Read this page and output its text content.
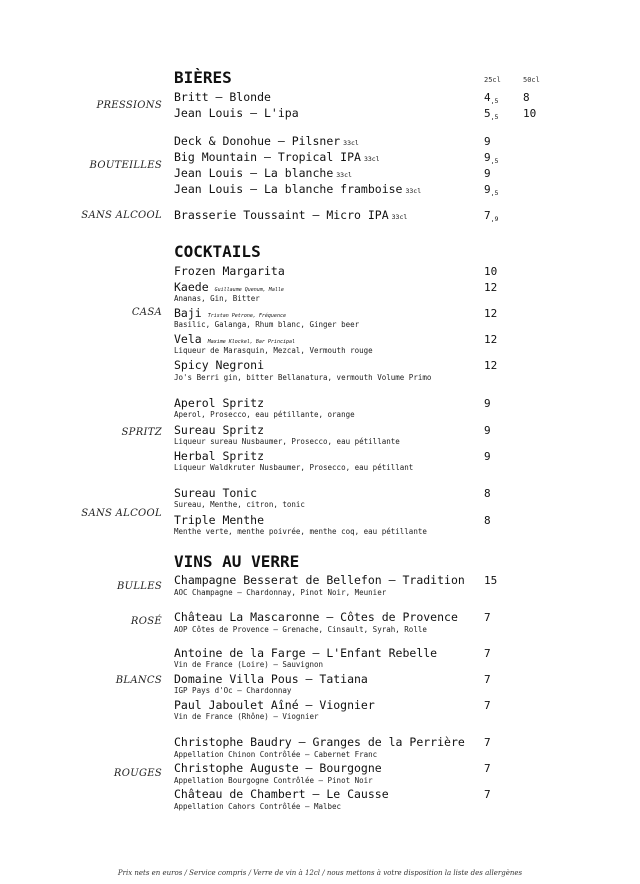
BIÈRES	25cl	50cl
PRESSIONS
Britt – Blonde	$4_{,5}$ 8
Jean Louis – L'ipa	$5_{,5}$ 10
BOUTEILLES
Deck & Donohue – Pilsner 33cl	9
Big Mountain – Tropical IPA 33cl	$9_{,5}$
Jean Louis – La blanche 33cl	9
Jean Louis – La blanche framboise 33cl	$9_{,5}$
SANS ALCOOL Brasserie Toussaint – Micro IPA 33cl	$7_{,9}$
COCKTAILS
CASA
Frozen Margarita	10
Kaede Guillaume Quenum, Malle
Ananas, Gin, Bitter
12
Baji Tristan Petrone, Fréquence
Basilic, Galanga, Rhum blanc, Ginger beer
12
Vela Maxime Klockel, Bar Principal
Liqueur de Marasquin, Mezcal, Vermouth rouge
12
Spicy Negroni
Jo's Berri gin, bitter Bellanatura, vermouth Volume Primo
12
SPRITZ
Aperol Spritz
Aperol, Prosecco, eau pétillante, orange
9
Sureau Spritz
Liqueur sureau Nusbaumer, Prosecco, eau pétillante
9
Herbal Spritz
Liqueur Waldkruter Nusbaumer, Prosecco, eau pétillant
9
SANS ALCOOL
Sureau Tonic
Sureau, Menthe, citron, tonic
8
Triple Menthe
Menthe verte, menthe poivrée, menthe coq, eau pétillante
8
VINS AU VERRE
BULLES Champagne Besserat de Bellefon – Tradition
AOC Champagne – Chardonnay, Pinot Noir, Meunier
15
ROSÉ Château La Mascaronne – Côtes de Provence
AOP Côtes de Provence – Grenache, Cinsault, Syrah, Rolle
7
BLANCS
Antoine de la Farge – L'Enfant Rebelle
Vin de France (Loire) – Sauvignon
7
Domaine Villa Pous – Tatiana
IGP Pays d'Oc – Chardonnay
7
Paul Jaboulet Aîné – Viognier
Vin de France (Rhône) – Viognier
7
ROUGES
Christophe Baudry – Granges de la Perrière
Appellation Chinon Contrôlée – Cabernet Franc
7
Christophe Auguste – Bourgogne
Appellation Bourgogne Contrôlée – Pinot Noir
7
Château de Chambert – Le Causse
Appellation Cahors Contrôlée – Malbec
7
Prix nets en euros / Service compris / Verre de vin à 12cl / nous mettons à votre disposition la liste des allergènes
